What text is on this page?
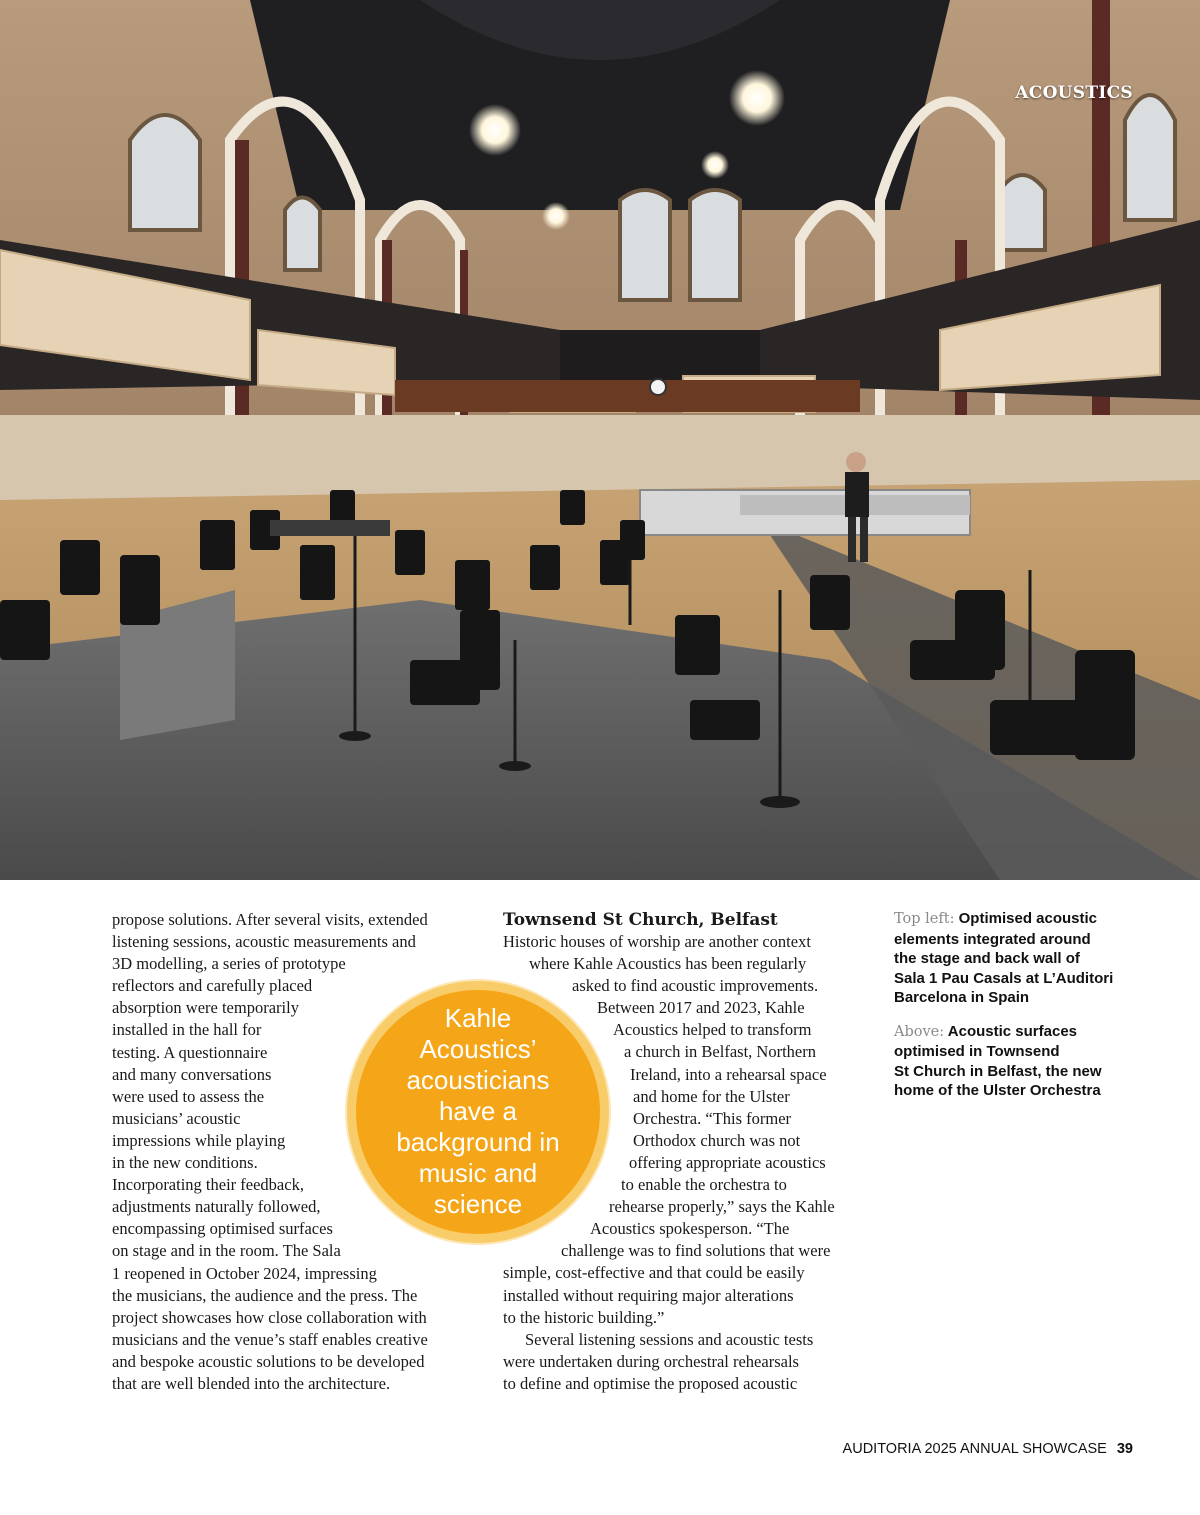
ACOUSTICS
propose solutions. After several visits, extended
listening sessions, acoustic measurements and
3D modelling, a series of prototype
reflectors and carefully placed
absorption were temporarily
installed in the hall for
testing. A questionnaire
and many conversations
were used to assess the
musicians’ acoustic
impressions while playing
in the new conditions.
Incorporating their feedback,
adjustments naturally followed,
encompassing optimised surfaces
on stage and in the room. The Sala
1 reopened in October 2024, impressing
the musicians, the audience and the press. The
project showcases how close collaboration with
musicians and the venue’s staff enables creative
and bespoke acoustic solutions to be developed
that are well blended into the architecture.
Townsend St Church, Belfast
Historic houses of worship are another context
where Kahle Acoustics has been regularly
asked to find acoustic improvements.
Between 2017 and 2023, Kahle
Acoustics helped to transform
a church in Belfast, Northern
Ireland, into a rehearsal space
and home for the Ulster
Orchestra. “This former
Orthodox church was not
offering appropriate acoustics
to enable the orchestra to
rehearse properly,” says the Kahle
Acoustics spokesperson. “The
challenge was to find solutions that were
simple, cost-effective and that could be easily
installed without requiring major alterations
to the historic building.”
Several listening sessions and acoustic tests
were undertaken during orchestral rehearsals
to define and optimise the proposed acoustic
Kahle
Acoustics’
acousticians
have a
background in
music and
science
Top left: Optimised acoustic
elements integrated around
the stage and back wall of
Sala 1 Pau Casals at L’Auditori
Barcelona in Spain
Above: Acoustic surfaces
optimised in Townsend
St Church in Belfast, the new
home of the Ulster Orchestra
AUDITORIA 2025 ANNUAL SHOWCASE 39
